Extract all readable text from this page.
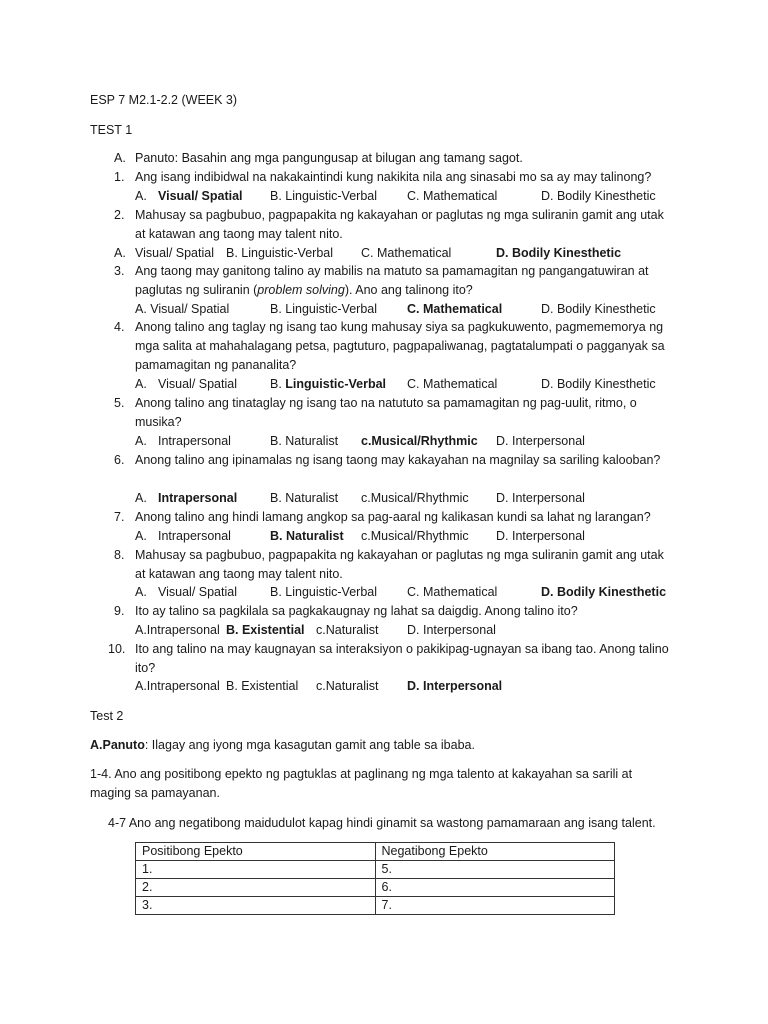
ESP 7 M2.1-2.2 (WEEK 3)
TEST 1
A. Panuto: Basahin ang mga pangungusap at bilugan ang tamang sagot.
1. Ang isang indibidwal na nakakaintindi kung nakikita nila ang sinasabi mo sa ay may talinong?
A. Visual/ Spatial B. Linguistic-Verbal C. Mathematical	D. Bodily Kinesthetic
2. Mahusay sa pagbubuo, pagpapakita ng kakayahan or paglutas ng mga suliranin gamit ang utak
at katawan ang taong may talent nito.
A. Visual/ Spatial B. Linguistic-Verbal C. Mathematical	D. Bodily Kinesthetic
3. Ang taong may ganitong talino ay mabilis na matuto sa pamamagitan ng pangangatuwiran at
paglutas ng suliranin (problem solving). Ano ang talinong ito?
A. Visual/ Spatial	B. Linguistic-Verbal C. Mathematical	D. Bodily Kinesthetic
4. Anong talino ang taglay ng isang tao kung mahusay siya sa pagkukuwento, pagmememorya ng
mga salita at mahahalagang petsa, pagtuturo, pagpapaliwanag, pagtatalumpati o pagganyak sa
pamamagitan ng pananalita?
A. Visual/ Spatial	B. Linguistic-Verbal C. Mathematical	D. Bodily Kinesthetic
5. Anong talino ang tinataglay ng isang tao na natututo sa pamamagitan ng pag-uulit, ritmo, o
musika?
A. Intrapersonal	B. Naturalist c.Musical/Rhythmic D. Interpersonal
6. Anong talino ang ipinamalas ng isang taong may kakayahan na magnilay sa sariling kalooban?
A. Intrapersonal	B. Naturalist c.Musical/Rhythmic D. Interpersonal
7. Anong talino ang hindi lamang angkop sa pag-aaral ng kalikasan kundi sa lahat ng larangan?
A. Intrapersonal	B. Naturalist c.Musical/Rhythmic D. Interpersonal
8. Mahusay sa pagbubuo, pagpapakita ng kakayahan or paglutas ng mga suliranin gamit ang utak
at katawan ang taong may talent nito.
A. Visual/ Spatial	B. Linguistic-Verbal C. Mathematical	D. Bodily Kinesthetic
9. Ito ay talino sa pagkilala sa pagkakaugnay ng lahat sa daigdig. Anong talino ito?
A.Intrapersonal B. Existential c.Naturalist D. Interpersonal
10. Ito ang talino na may kaugnayan sa interaksiyon o pakikipag-ugnayan sa ibang tao. Anong talino
ito?
A.Intrapersonal B. Existential c.Naturalist D. Interpersonal
Test 2
A.Panuto: Ilagay ang iyong mga kasagutan gamit ang table sa ibaba.
1-4. Ano ang positibong epekto ng pagtuklas at paglinang ng mga talento at kakayahan sa sarili at
maging sa pamayanan.
4-7 Ano ang negatibong maidudulot kapag hindi ginamit sa wastong pamamaraan ang isang talent.
Positibong Epekto	Negatibong Epekto
1.	5.
2.	6.
3.	7.
